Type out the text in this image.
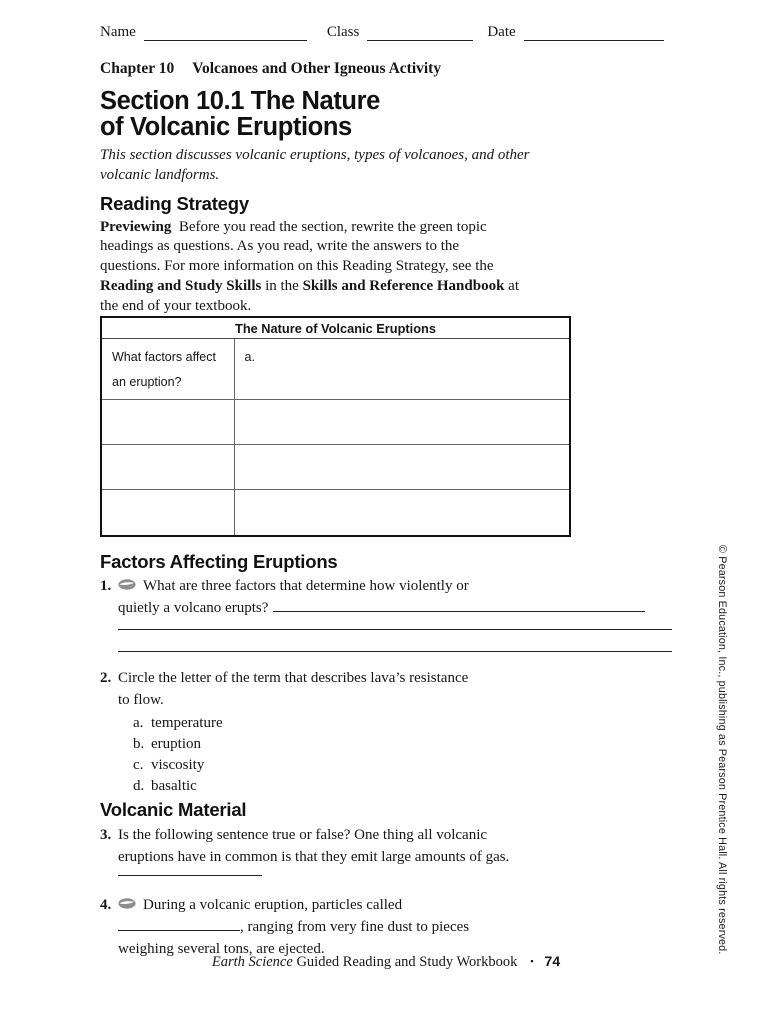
Name	Class	Date
Chapter 10 Volcanoes and Other Igneous Activity
Section 10.1 The Nature
of Volcanic Eruptions
This section discusses volcanic eruptions, types of volcanoes, and other
volcanic landforms.
Reading Strategy

Previewing  Before you read the section, rewrite the green topic
headings as questions. As you read, write the answers to the
questions. For more information on this Reading Strategy, see the
Reading and Study Skills in the Skills and Reference Handbook at
the end of your textbook.

The Nature of Volcanic Eruptions	
What factors affect an eruption?	a.

Factors Affecting Eruptions
1.	What are three factors that determine how violently or
quietly a volcano erupts?
2. Circle the letter of the term that describes lava’s resistance
to flow.
a. temperature
b. eruption
c. viscosity
d. basaltic
Volcanic Material
3. Is the following sentence true or false? One thing all volcanic
eruptions have in common is that they emit large amounts of gas.
4.	During a volcanic eruption, particles called
, ranging from very fine dust to pieces
weighing several tons, are ejected.
Earth Science Guided Reading and Study Workbook ▪ 74
© Pearson Education, Inc., publishing as Pearson Prentice Hall. All rights reserved.
